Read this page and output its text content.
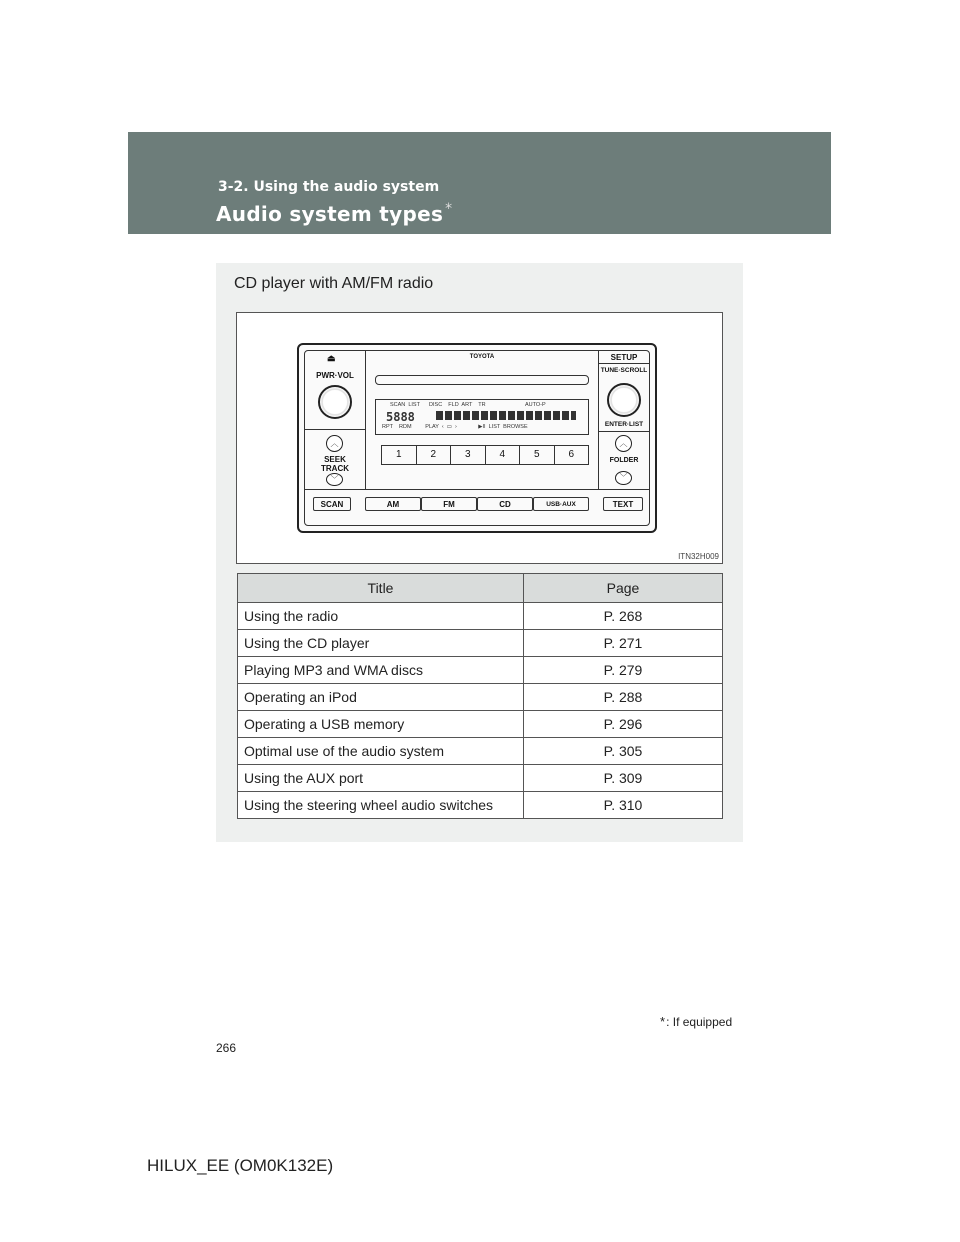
3-2. Using the audio system
Audio system types *
CD player with AM/FM radio
⏏
PWR·VOL
︿
SEEK
TRACK
﹀
TOYOTA
SCAN  LIST      DISC    FLD  ART    TR                          AUTO-P
5888
RPT    RDM         PLAY  ‹  ▭  ›              ▶II  LIST  BROWSE
1	2	3	4	5	6
SETUP
TUNE·SCROLL
ENTER·LIST
︿
FOLDER
﹀
SCAN	AM	FM	CD	USB·AUX	TEXT
ITN32H009
Title	Page
Using the radio	P. 268
Using the CD player	P. 271
Playing MP3 and WMA discs	P. 279
Operating an iPod	P. 288
Operating a USB memory	P. 296
Optimal use of the audio system	P. 305
Using the AUX port	P. 309
Using the steering wheel audio switches	P. 310
*: If equipped
266
HILUX_EE (OM0K132E)
